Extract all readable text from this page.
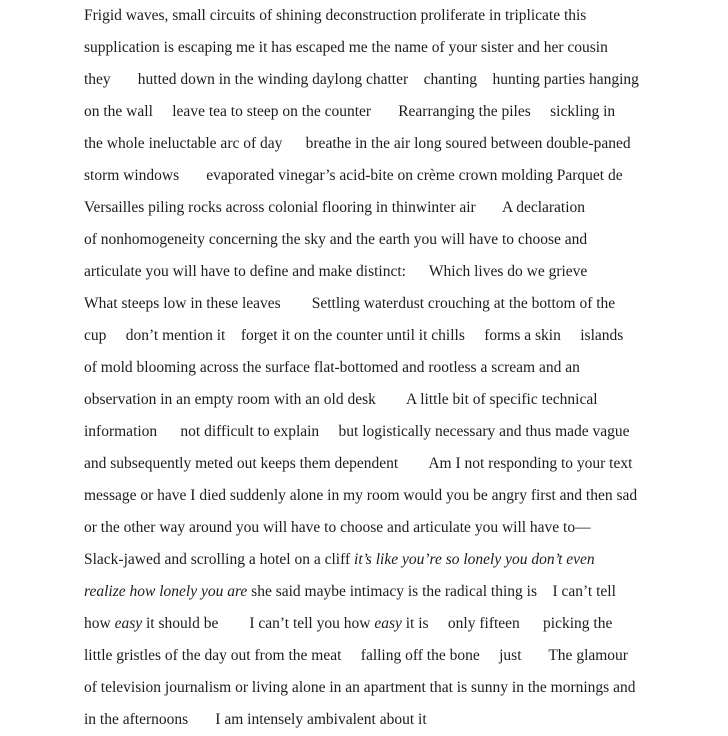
Frigid waves, small circuits of shining deconstruction proliferate in triplicate this
supplication is escaping me it has escaped me the name of your sister and her cousin
they       hutted down in the winding daylong chatter    chanting    hunting parties hanging
on the wall     leave tea to steep on the counter       Rearranging the piles     sickling in
the whole ineluctable arc of day      breathe in the air long soured between double-paned
storm windows       evaporated vinegar’s acid-bite on crème crown molding Parquet de
Versailles piling rocks across colonial flooring in thinwinter air       A declaration
of nonhomogeneity concerning the sky and the earth you will have to choose and
articulate you will have to define and make distinct:      Which lives do we grieve
What steeps low in these leaves        Settling waterdust crouching at the bottom of the
cup     don’t mention it    forget it on the counter until it chills     forms a skin     islands
of mold blooming across the surface flat-bottomed and rootless a scream and an
observation in an empty room with an old desk        A little bit of specific technical
information      not difficult to explain     but logistically necessary and thus made vague
and subsequently meted out keeps them dependent        Am I not responding to your text
message or have I died suddenly alone in my room would you be angry first and then sad
or the other way around you will have to choose and articulate you will have to—
Slack-jawed and scrolling a hotel on a cliff it’s like you’re so lonely you don’t even
realize how lonely you are she said maybe intimacy is the radical thing is    I can’t tell
how easy it should be        I can’t tell you how easy it is     only fifteen      picking the
little gristles of the day out from the meat     falling off the bone     just       The glamour
of television journalism or living alone in an apartment that is sunny in the mornings and
in the afternoons       I am intensely ambivalent about it
